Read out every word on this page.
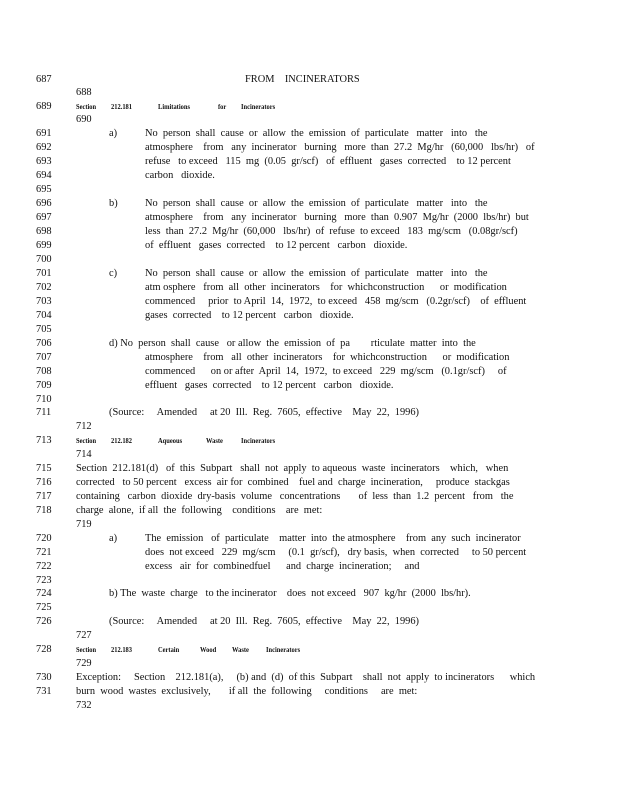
687	FROM    INCINERATORS
688
689	Section 212.181	Limitations	for Incinerators
690
691	a)	No  person  shall  cause  or  allow  the  emission  of  particulate   matter   into   the
692	atmosphere    from   any  incinerator   burning   more  than  27.2  Mg/hr   (60,000   lbs/hr)   of
693	refuse   to exceed   115  mg  (0.05  gr/scf)   of  effluent   gases  corrected    to 12 percent
694	carbon   dioxide.
695
696	b)	No  person  shall  cause  or  allow  the  emission  of  particulate   matter   into   the
697	atmosphere    from   any  incinerator   burning   more  than  0.907  Mg/hr  (2000  lbs/hr)  but
698	less  than  27.2  Mg/hr  (60,000   lbs/hr)  of  refuse  to exceed   183  mg/scm   (0.08gr/scf)
699	of  effluent   gases  corrected    to 12 percent   carbon   dioxide.
700
701	c)	No  person  shall  cause  or  allow  the  emission  of  particulate   matter   into   the
702	atm osphere   from  all  other  incinerators    for  whichconstruction      or  modification
703	commenced     prior  to April  14,  1972,  to exceed   458  mg/scm   (0.2gr/scf)    of  effluent
704	gases  corrected    to 12 percent   carbon   dioxide.
705
706	d) No  person  shall  cause   or allow  the  emission  of  pa        rticulate  matter  into  the
707	atmosphere    from   all  other  incinerators    for  whichconstruction      or  modification
708	commenced      on or after  April  14,  1972,  to exceed   229  mg/scm   (0.1gr/scf)     of
709	effluent   gases  corrected    to 12 percent   carbon   dioxide.
710
711	(Source:     Amended     at 20  Ill.  Reg.  7605,  effective    May  22,  1996)
712
713	Section 212.182	Aqueous	Waste	Incinerators
714
715 Section  212.181(d)   of  this  Subpart   shall  not  apply  to aqueous  waste  incinerators    which,   when
716 corrected   to 50 percent   excess  air for  combined    fuel and  charge  incineration,     produce  stackgas
717 containing   carbon  dioxide  dry-basis  volume   concentrations       of  less  than  1.2  percent   from   the
718 charge  alone,  if all  the  following    conditions    are  met:
719
720	a)	The  emission   of  particulate    matter  into  the atmosphere    from  any  such  incinerator
721	does  not exceed   229  mg/scm     (0.1  gr/scf),   dry basis,  when  corrected     to 50 percent
722	excess   air  for  combinedfuel      and  charge  incineration;     and
723
724	b) The  waste  charge   to the incinerator    does  not exceed   907  kg/hr  (2000  lbs/hr).
725
726	(Source:     Amended     at 20  Ill.  Reg.  7605,  effective    May  22,  1996)
727
728	Section 212.183	Certain	Wood Waste Incinerators
729
730 Exception:     Section    212.181(a),     (b) and  (d)  of this  Subpart    shall  not  apply  to incinerators      which
731 burn  wood  wastes  exclusively,       if all  the  following     conditions     are  met:
732
